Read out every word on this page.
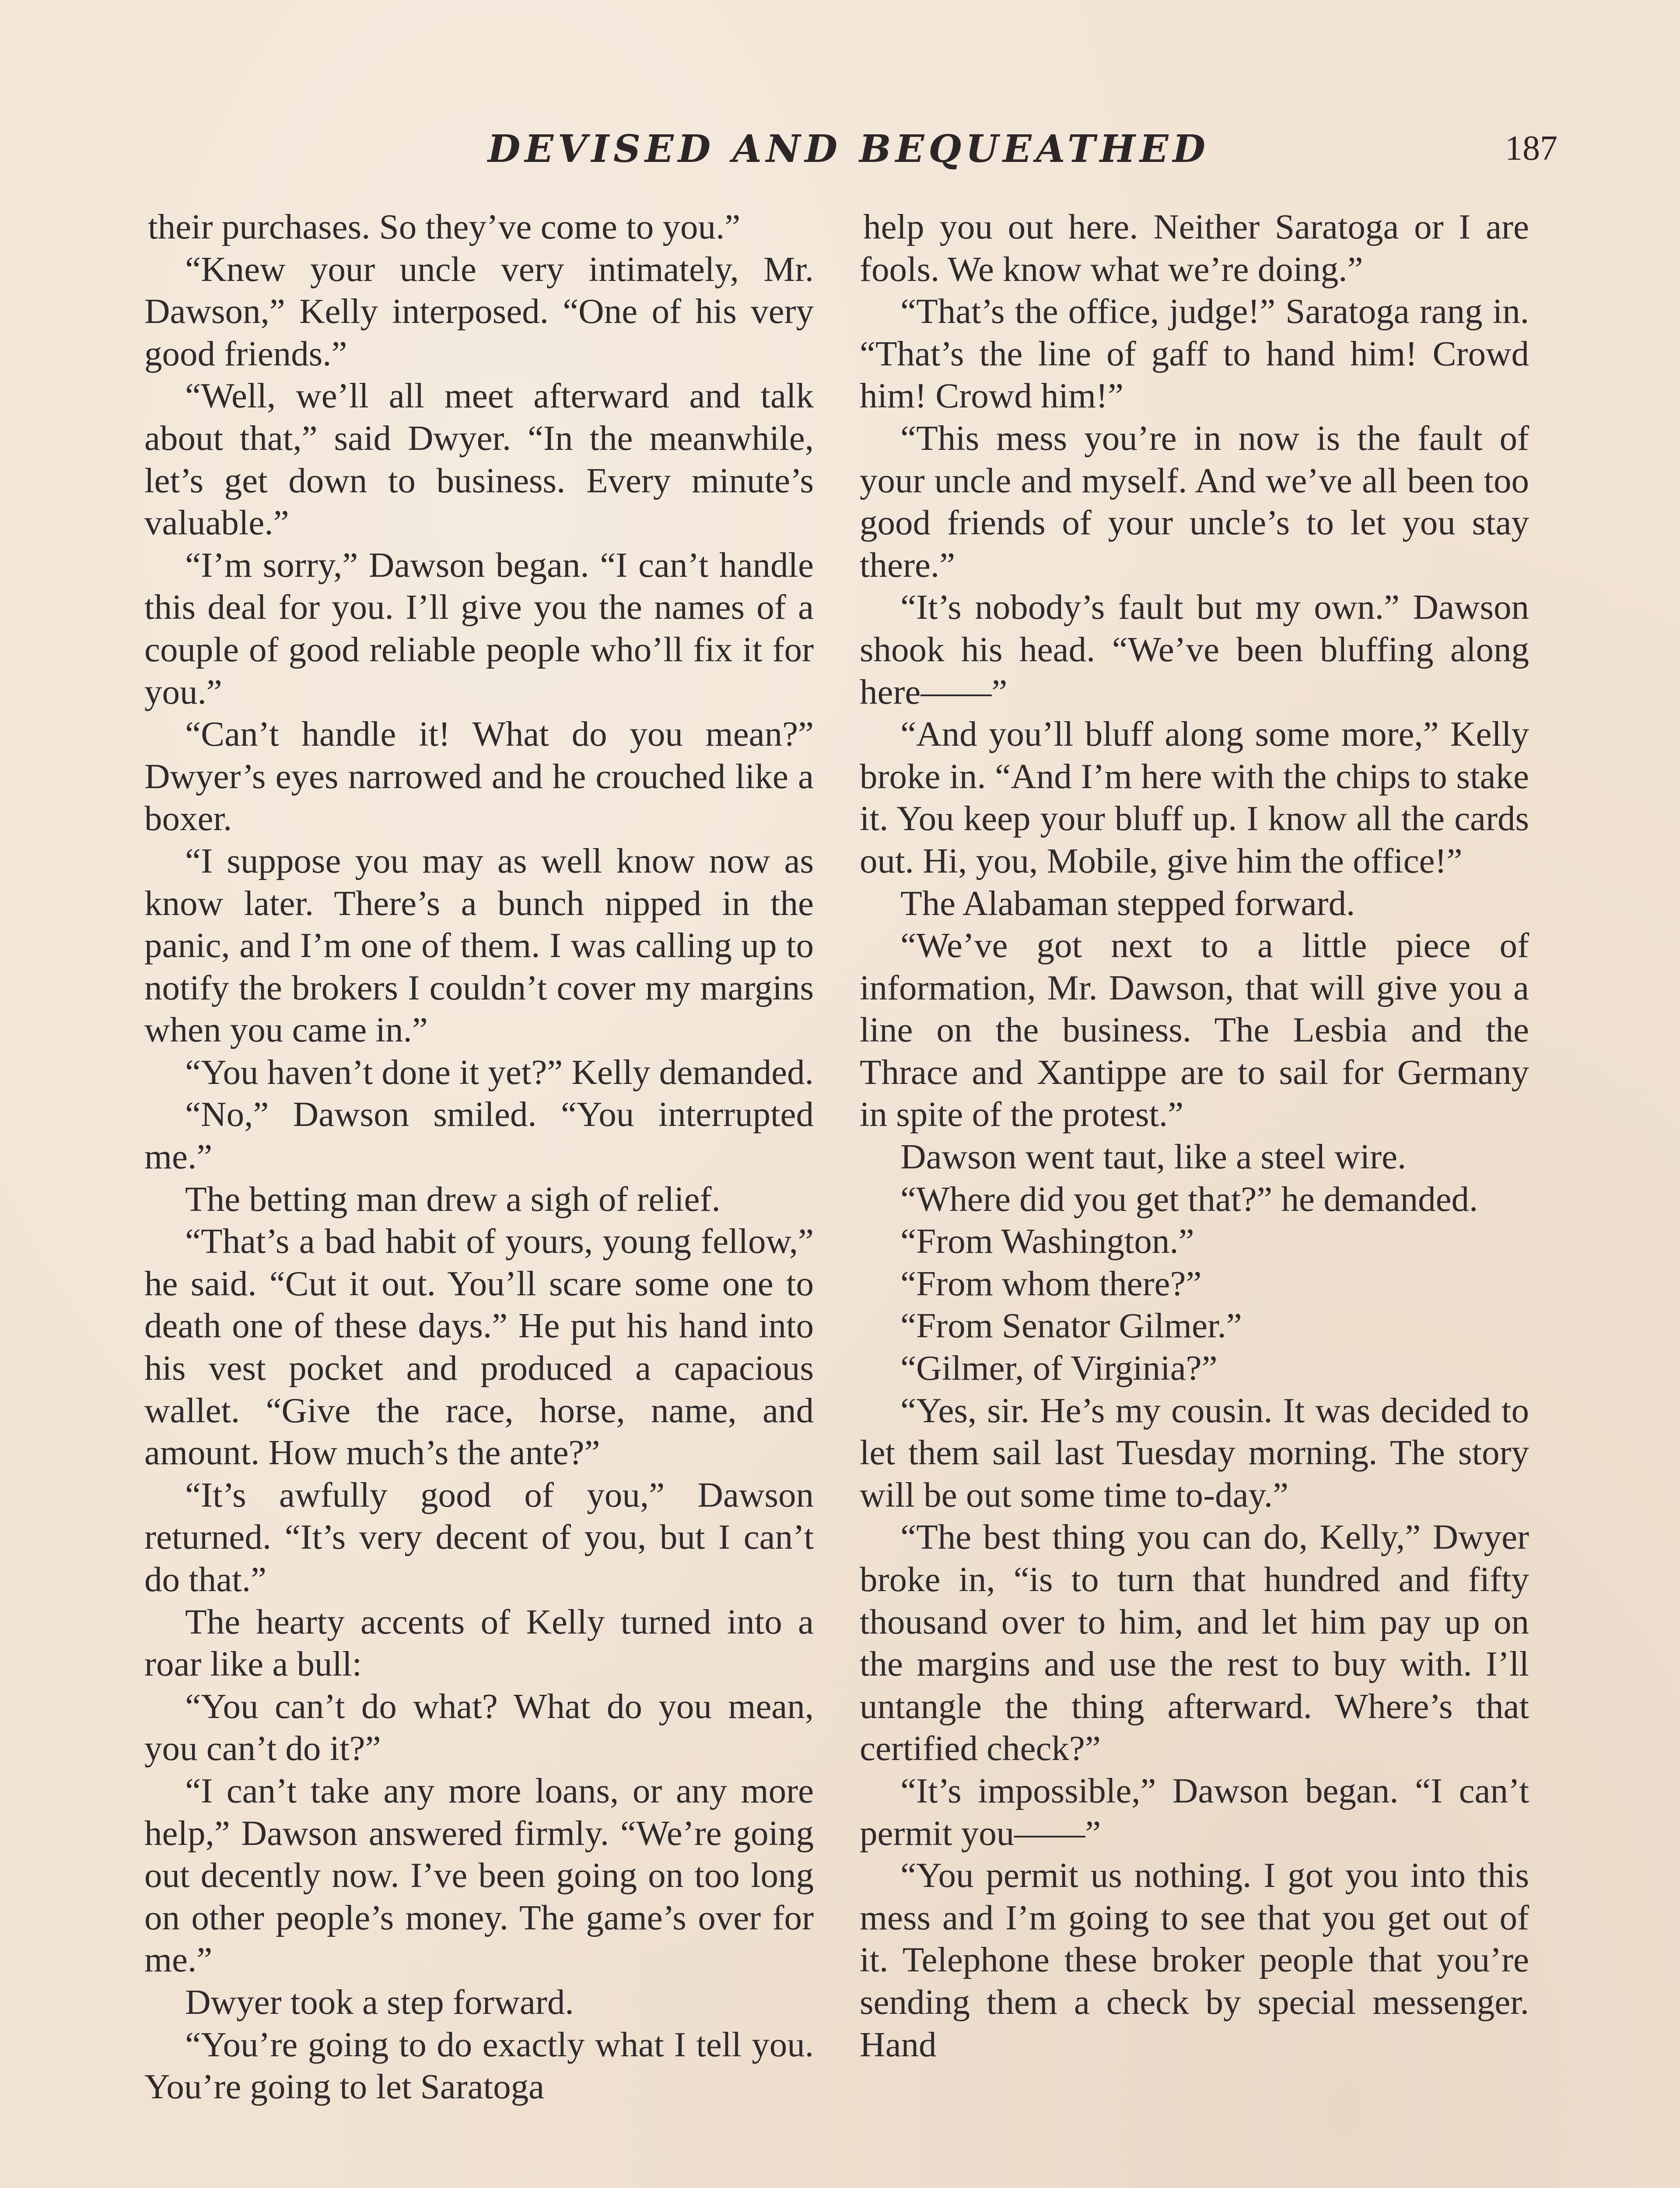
DEVISED AND BEQUEATHED	187

their purchases. So they’ve come to you.”

“Knew your uncle very intimately, Mr. Dawson,” Kelly interposed. “One of his very good friends.”

“Well, we’ll all meet afterward and talk about that,” said Dwyer. “In the meanwhile, let’s get down to business. Every minute’s valuable.”

“I’m sorry,” Dawson began. “I can’t handle this deal for you. I’ll give you the names of a couple of good reliable people who’ll fix it for you.”

“Can’t handle it! What do you mean?” Dwyer’s eyes narrowed and he crouched like a boxer.

“I suppose you may as well know now as know later. There’s a bunch nipped in the panic, and I’m one of them. I was calling up to notify the brokers I couldn’t cover my margins when you came in.”

“You haven’t done it yet?” Kelly demanded.

“No,” Dawson smiled. “You interrupted me.”

The betting man drew a sigh of relief.

“That’s a bad habit of yours, young fellow,” he said. “Cut it out. You’ll scare some one to death one of these days.” He put his hand into his vest pocket and produced a capacious wallet. “Give the race, horse, name, and amount. How much’s the ante?”

“It’s awfully good of you,” Dawson returned. “It’s very decent of you, but I can’t do that.”

The hearty accents of Kelly turned into a roar like a bull:

“You can’t do what? What do you mean, you can’t do it?”

“I can’t take any more loans, or any more help,” Dawson answered firmly. “We’re going out decently now. I’ve been going on too long on other people’s money. The game’s over for me.”

Dwyer took a step forward.

“You’re going to do exactly what I tell you. You’re going to let Saratoga

help you out here. Neither Saratoga or I are fools. We know what we’re doing.”

“That’s the office, judge!” Saratoga rang in. “That’s the line of gaff to hand him! Crowd him! Crowd him!”

“This mess you’re in now is the fault of your uncle and myself. And we’ve all been too good friends of your uncle’s to let you stay there.”

“It’s nobody’s fault but my own.” Dawson shook his head. “We’ve been bluffing along here——”

“And you’ll bluff along some more,” Kelly broke in. “And I’m here with the chips to stake it. You keep your bluff up. I know all the cards out. Hi, you, Mobile, give him the office!”

The Alabaman stepped forward.

“We’ve got next to a little piece of information, Mr. Dawson, that will give you a line on the business. The Lesbia and the Thrace and Xantippe are to sail for Germany in spite of the protest.”

Dawson went taut, like a steel wire.

“Where did you get that?” he demanded.

“From Washington.”

“From whom there?”

“From Senator Gilmer.”

“Gilmer, of Virginia?”

“Yes, sir. He’s my cousin. It was decided to let them sail last Tuesday morning. The story will be out some time to-day.”

“The best thing you can do, Kelly,” Dwyer broke in, “is to turn that hundred and fifty thousand over to him, and let him pay up on the margins and use the rest to buy with. I’ll untangle the thing afterward. Where’s that certified check?”

“It’s impossible,” Dawson began. “I can’t permit you——”

“You permit us nothing. I got you into this mess and I’m going to see that you get out of it. Telephone these broker people that you’re sending them a check by special messenger. Hand
